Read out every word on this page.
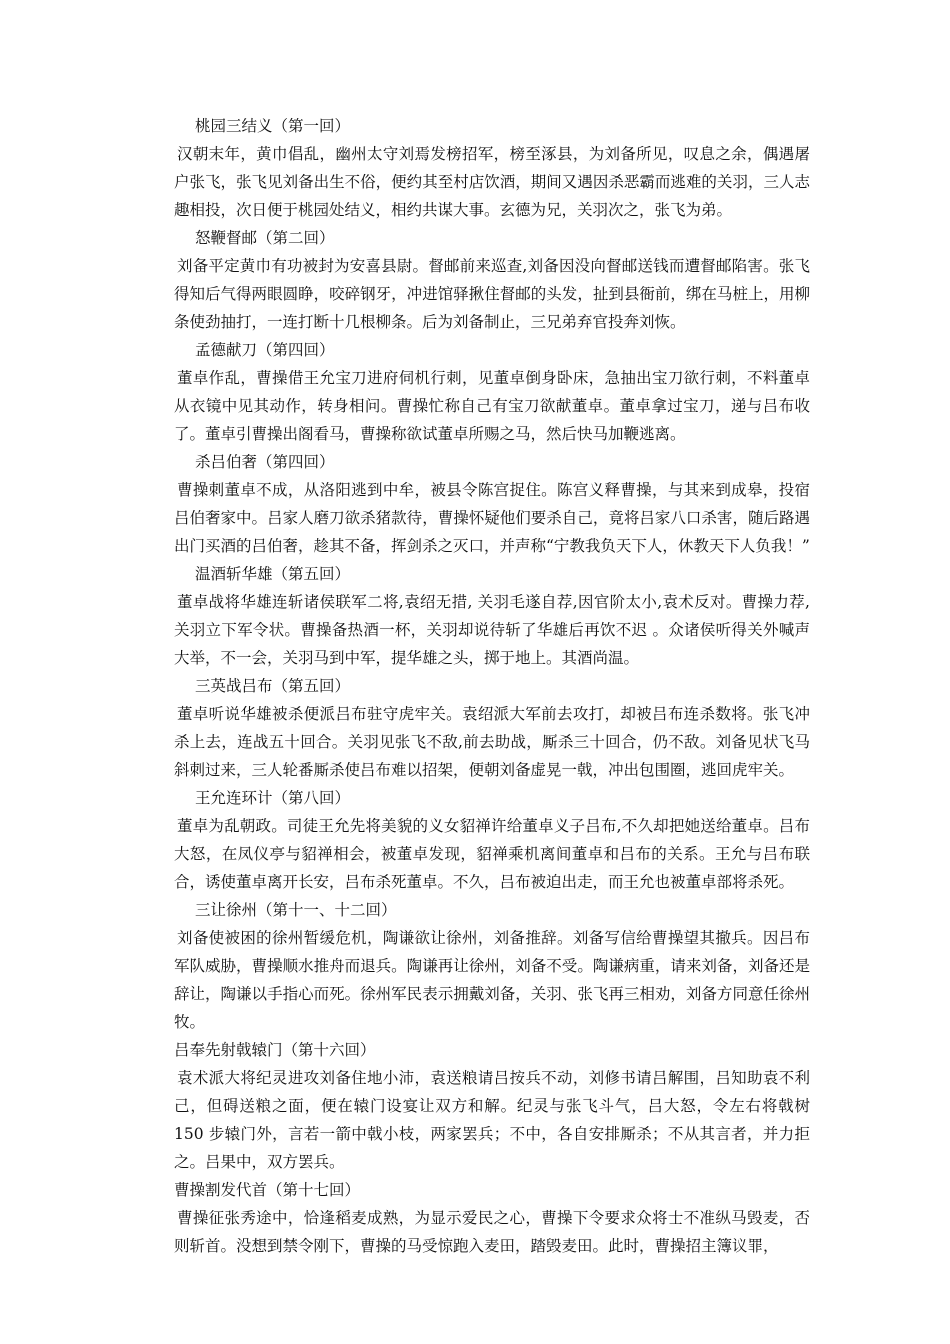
桃园三结义（第一回）

汉朝末年，黄巾倡乱，幽州太守刘焉发榜招军，榜至涿县，为刘备所见，叹息之余，偶遇屠户张飞，张飞见刘备出生不俗，便约其至村店饮酒，期间又遇因杀恶霸而逃难的关羽，三人志趣相投，次日便于桃园处结义，相约共谋大事。玄德为兄，关羽次之，张飞为弟。

怒鞭督邮（第二回）

刘备平定黄巾有功被封为安喜县尉。督邮前来巡查,刘备因没向督邮送钱而遭督邮陷害。张飞得知后气得两眼圆睁，咬碎钢牙，冲进馆驿揪住督邮的头发，扯到县衙前，绑在马桩上，用柳条使劲抽打，一连打断十几根柳条。后为刘备制止，三兄弟弃官投奔刘恢。

孟德献刀（第四回）

董卓作乱，曹操借王允宝刀进府伺机行刺，见董卓倒身卧床，急抽出宝刀欲行刺，不料董卓从衣镜中见其动作，转身相问。曹操忙称自己有宝刀欲献董卓。董卓拿过宝刀，递与吕布收了。董卓引曹操出阁看马，曹操称欲试董卓所赐之马，然后快马加鞭逃离。

杀吕伯奢（第四回）

曹操刺董卓不成，从洛阳逃到中牟，被县令陈宫捉住。陈宫义释曹操，与其来到成皋，投宿吕伯奢家中。吕家人磨刀欲杀猪款待，曹操怀疑他们要杀自己，竟将吕家八口杀害，随后路遇出门买酒的吕伯奢，趁其不备，挥剑杀之灭口，并声称“宁教我负天下人，休教天下人负我！”

温酒斩华雄（第五回）

董卓战将华雄连斩诸侯联军二将,袁绍无措, 关羽毛遂自荐,因官阶太小,袁术反对。曹操力荐,关羽立下军令状。曹操备热酒一杯，关羽却说待斩了华雄后再饮不迟 。众诸侯听得关外喊声大举，不一会，关羽马到中军，提华雄之头，掷于地上。其酒尚温。

三英战吕布（第五回）

董卓听说华雄被杀便派吕布驻守虎牢关。袁绍派大军前去攻打，却被吕布连杀数将。张飞冲杀上去，连战五十回合。关羽见张飞不敌,前去助战，厮杀三十回合，仍不敌。刘备见状飞马斜刺过来，三人轮番厮杀使吕布难以招架，便朝刘备虚晃一戟，冲出包围圈，逃回虎牢关。

王允连环计（第八回）

董卓为乱朝政。司徒王允先将美貌的义女貂禅许给董卓义子吕布,不久却把她送给董卓。吕布大怒，在凤仪亭与貂禅相会，被董卓发现，貂禅乘机离间董卓和吕布的关系。王允与吕布联合，诱使董卓离开长安，吕布杀死董卓。不久，吕布被迫出走，而王允也被董卓部将杀死。

三让徐州（第十一、十二回）

刘备使被困的徐州暂缓危机，陶谦欲让徐州，刘备推辞。刘备写信给曹操望其撤兵。因吕布军队威胁，曹操顺水推舟而退兵。陶谦再让徐州，刘备不受。陶谦病重，请来刘备，刘备还是辞让，陶谦以手指心而死。徐州军民表示拥戴刘备，关羽、张飞再三相劝，刘备方同意任徐州牧。

吕奉先射戟辕门（第十六回）

袁术派大将纪灵进攻刘备住地小沛，袁送粮请吕按兵不动，刘修书请吕解围，吕知助袁不利己，但碍送粮之面，便在辕门设宴让双方和解。纪灵与张飞斗气，吕大怒，令左右将戟树 150 步辕门外，言若一箭中戟小枝，两家罢兵；不中，各自安排厮杀；不从其言者，并力拒之。吕果中，双方罢兵。

曹操割发代首（第十七回）

曹操征张秀途中，恰逢稻麦成熟，为显示爱民之心，曹操下令要求众将士不准纵马毁麦，否则斩首。没想到禁令刚下，曹操的马受惊跑入麦田，踏毁麦田。此时，曹操招主簿议罪，
